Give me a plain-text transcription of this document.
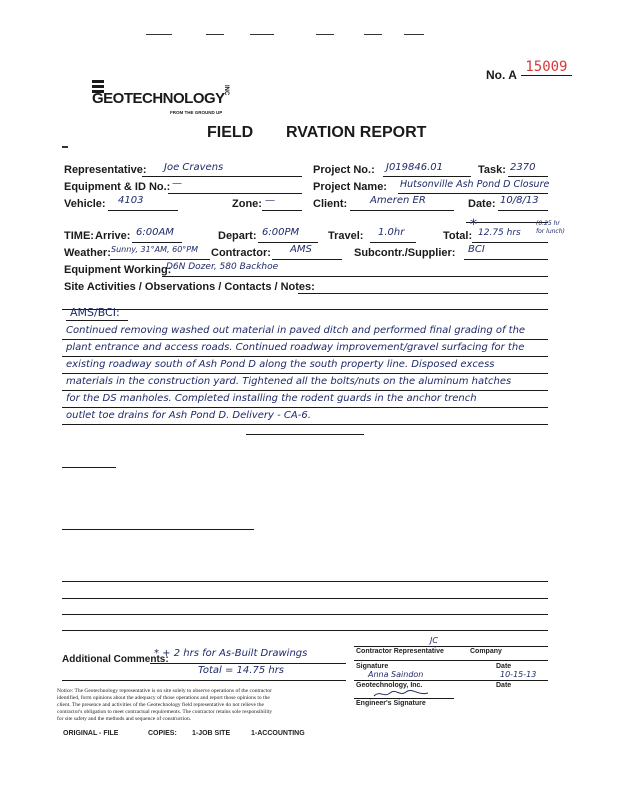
No. A 15009
GEOTECHNOLOGY
INC
FROM THE GROUND UP
FIELD RVATION REPORT
Representative: Joe Cravens	Project No.: J019846.01	Task: 2370
Equipment & ID No.: —	Project Name: Hutsonville Ash Pond D Closure
Vehicle: 4103	Zone: —	Client: Ameren ER	Date: 10/8/13
TIME: Arrive: 6:00AM	Depart: 6:00PM	Travel: 1.0hr	Total:
* 12.75 hrs
(0.25 hr for lunch)
Weather: Sunny, 31°AM, 60°PM Contractor: AMS	Subcontr./Supplier: BCI
Equipment Working:
D6N Dozer, 580 Backhoe
Site Activities / Observations / Contacts / Notes:
AMS/BCI:
Continued removing washed out material in paved ditch and performed final grading of the
plant entrance and access roads. Continued roadway improvement/gravel surfacing for the
existing roadway south of Ash Pond D along the south property line. Disposed excess
materials in the construction yard. Tightened all the bolts/nuts on the aluminum hatches
for the DS manholes. Completed installing the rodent guards in the anchor trench
outlet toe drains for Ash Pond D. Delivery - CA-6.
Additional Comments:
* + 2 hrs for As-Built Drawings
Total = 14.75 hrs
JC
Contractor Representative	Company
Signature	Date
Anna Saindon	10-15-13
Geotechnology, Inc.	Date
Engineer's Signature
Notice: The Geotechnology representative is on site solely to observe operations of the contractor
identified, form opinions about the adequacy of those operations and report those opinions to the
client. The presence and activities of the Geotechnology field representative do not relieve the
contractor's obligation to meet contractual requirements. The contractor retains sole responsibility
for site safety and the methods and sequence of construction.
ORIGINAL - FILE	COPIES: 1-JOB SITE	1-ACCOUNTING
